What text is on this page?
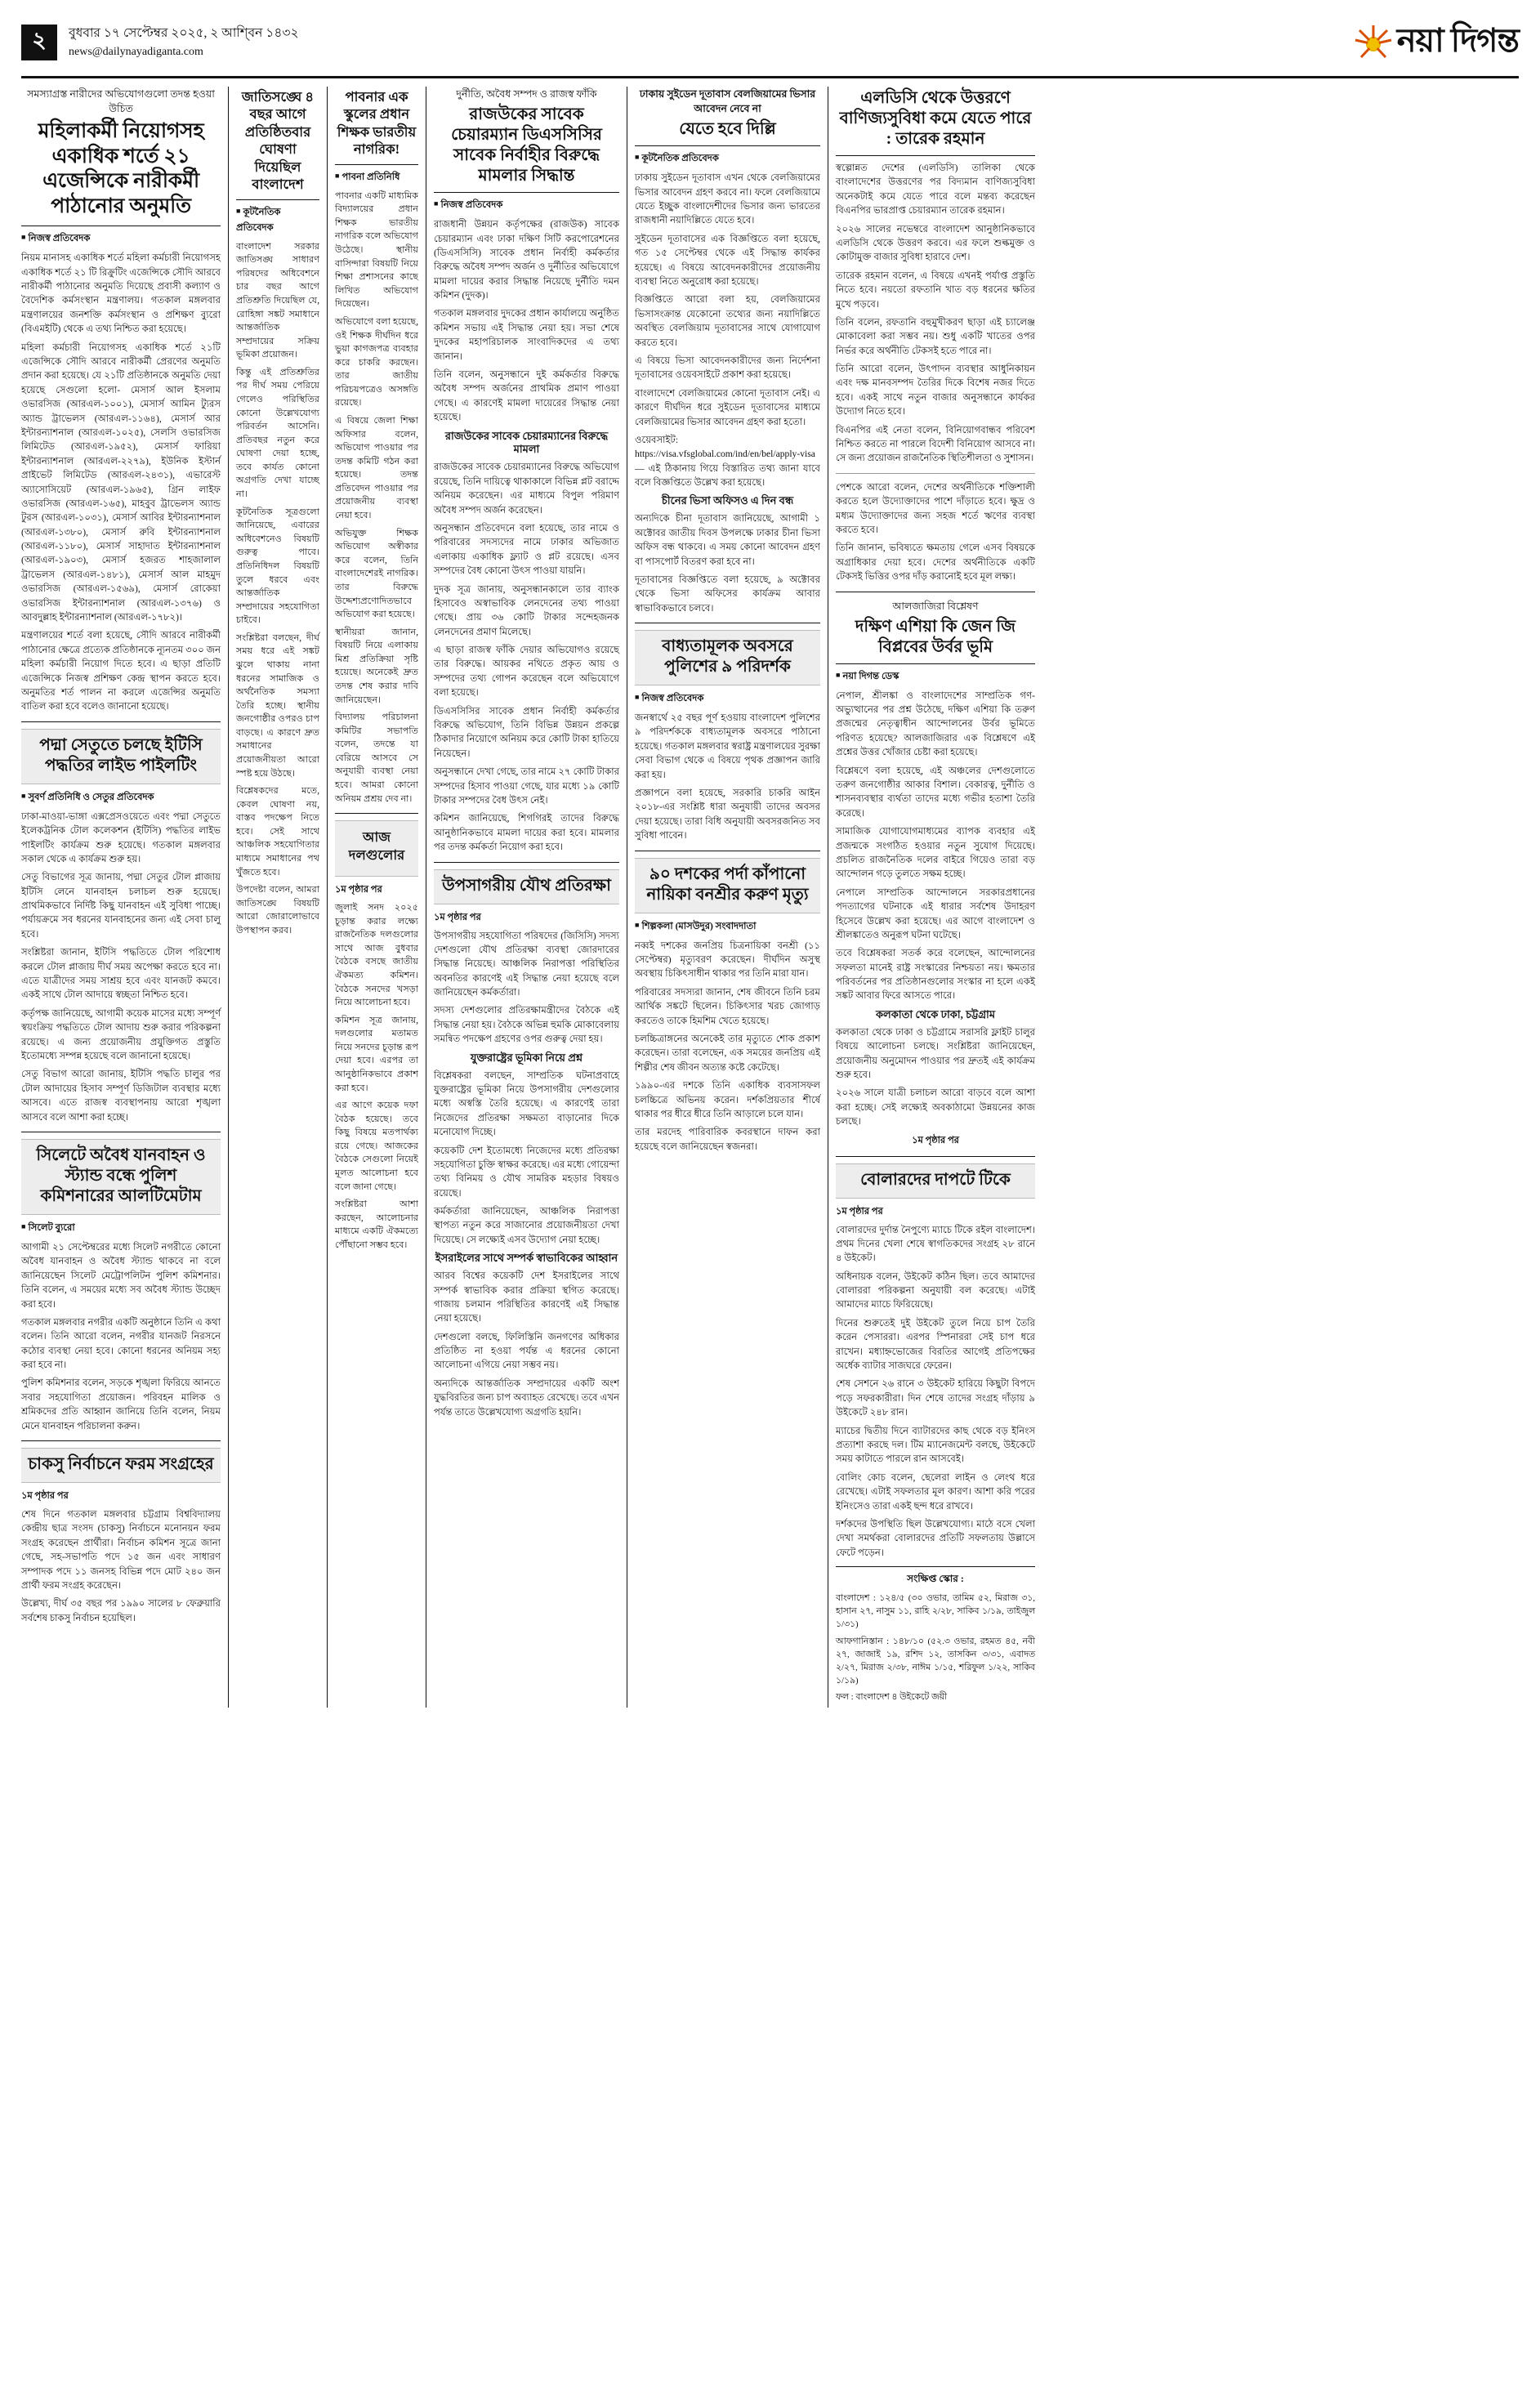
২	বুধবার ১৭ সেপ্টেম্বর ২০২৫, ২ আশি্বন ১৪৩২
news@dailynayadiganta.com	নয়া দিগন্ত
সমস্যাগ্রস্ত নারীদের অভিযোগগুলো তদন্ত হওয়া উচিত
মহিলাকর্মী নিয়োগসহ একাধিক শর্তে ২১ এজেন্সিকে নারীকর্মী পাঠানোর অনুমতি
■ নিজস্ব প্রতিবেদক

নিয়ম মানাসহ একাধিক শর্তে মহিলা কর্মচারী নিয়োগসহ একাধিক শর্তে ২১ টি রিক্রুটিং এজেন্সিকে সৌদি আরবে নারীকর্মী পাঠানোর অনুমতি দিয়েছে প্রবাসী কল্যাণ ও বৈদেশিক কর্মসংস্থান মন্ত্রণালয়। গতকাল মঙ্গলবার মন্ত্রণালয়ের জনশক্তি কর্মসংস্থান ও প্রশিক্ষণ ব্যুরো (বিএমইটি) থেকে এ তথ্য নিশ্চিত করা হয়েছে।

মহিলা কর্মচারী নিয়োগসহ একাধিক শর্তে ২১টি এজেন্সিকে সৌদি আরবে নারীকর্মী প্রেরণের অনুমতি প্রদান করা হয়েছে। যে ২১টি প্রতিষ্ঠানকে অনুমতি দেয়া হয়েছে সেগুলো হলো- মেসার্স আল ইসলাম ওভারসিজ (আরএল-১০০১), মেসার্স আমিন ট্যুরস অ্যান্ড ট্রাভেলস (আরএল-১১৬৪), মেসার্স আর ইন্টারন্যাশনাল (আরএল-১০২৫), সেলসি ওভারসিজ লিমিটেড (আরএল-১৯৫২), মেসার্স ফারিয়া ইন্টারন্যাশনাল (আরএল-২২৭৯), ইউনিক ইস্টার্ন প্রাইভেট লিমিটেড (আরএল-২৪৩১), এভারেস্ট অ্যাসোসিয়েট (আরএল-১৯৬৫), গ্রিন লাইফ ওভারসিজ (আরএল-১৬৫), মাহবুব ট্রাভেলস অ্যান্ড টুরস (আরএল-১০৩১), মেসার্স আবির ইন্টারন্যাশনাল (আরএল-১৩৮০), মেসার্স রুবি ইন্টারন্যাশনাল (আরএল-১১৮০), মেসার্স সাহাদাত ইন্টারন্যাশনাল (আরএল-১৯০৩), মেসার্স হজরত শাহজালাল ট্রাভেলস (আরএল-১৪৮১), মেসার্স আল মাহমুদ ওভারসিজ (আরএল-১৫৬৯), মেসার্স রোকেয়া ওভারসিজ ইন্টারন্যাশনাল (আরএল-১৩৭৬) ও আবদুল্লাহ ইন্টারন্যাশনাল (আরএল-১৭৮২)।

মন্ত্রণালয়ের শর্তে বলা হয়েছে, সৌদি আরবে নারীকর্মী পাঠানোর ক্ষেত্রে প্রত্যেক প্রতিষ্ঠানকে ন্যূনতম ৩০০ জন মহিলা কর্মচারী নিয়োগ দিতে হবে। এ ছাড়া প্রতিটি এজেন্সিকে নিজস্ব প্রশিক্ষণ কেন্দ্র স্থাপন করতে হবে। অনুমতির শর্ত পালন না করলে এজেন্সির অনুমতি বাতিল করা হবে বলেও জানানো হয়েছে।

পদ্মা সেতুতে চলছে ইটিসি পদ্ধতির লাইভ পাইলটিং
■ সুবর্ণ প্রতিনিধি ও সেতুর প্রতিবেদক

ঢাকা-মাওয়া-ভাঙ্গা এক্সপ্রেসওয়েতে এবং পদ্মা সেতুতে ইলেকট্রনিক টোল কলেকশন (ইটিসি) পদ্ধতির লাইভ পাইলটিং কার্যক্রম শুরু হয়েছে। গতকাল মঙ্গলবার সকাল থেকে এ কার্যক্রম শুরু হয়।

সেতু বিভাগের সূত্র জানায়, পদ্মা সেতুর টোল প্লাজায় ইটিসি লেনে যানবাহন চলাচল শুরু হয়েছে। প্রাথমিকভাবে নির্দিষ্ট কিছু যানবাহন এই সুবিধা পাচ্ছে। পর্যায়ক্রমে সব ধরনের যানবাহনের জন্য এই সেবা চালু হবে।

সংশ্লিষ্টরা জানান, ইটিসি পদ্ধতিতে টোল পরিশোধ করলে টোল প্লাজায় দীর্ঘ সময় অপেক্ষা করতে হবে না। এতে যাত্রীদের সময় সাশ্রয় হবে এবং যানজট কমবে। একই সাথে টোল আদায়ে স্বচ্ছতা নিশ্চিত হবে।

কর্তৃপক্ষ জানিয়েছে, আগামী কয়েক মাসের মধ্যে সম্পূর্ণ স্বয়ংক্রিয় পদ্ধতিতে টোল আদায় শুরু করার পরিকল্পনা রয়েছে। এ জন্য প্রয়োজনীয় প্রযুক্তিগত প্রস্তুতি ইতোমধ্যে সম্পন্ন হয়েছে বলে জানানো হয়েছে।

সেতু বিভাগ আরো জানায়, ইটিসি পদ্ধতি চালুর পর টোল আদায়ের হিসাব সম্পূর্ণ ডিজিটাল ব্যবস্থার মধ্যে আসবে। এতে রাজস্ব ব্যবস্থাপনায় আরো শৃঙ্খলা আসবে বলে আশা করা হচ্ছে।

সিলেটে অবৈধ যানবাহন ও স্ট্যান্ড বন্ধে পুলিশ কমিশনারের আলটিমেটাম
■ সিলেট ব্যুরো

আগামী ২১ সেপ্টেম্বরের মধ্যে সিলেট নগরীতে কোনো অবৈধ যানবাহন ও অবৈধ স্ট্যান্ড থাকবে না বলে জানিয়েছেন সিলেট মেট্রোপলিটন পুলিশ কমিশনার। তিনি বলেন, এ সময়ের মধ্যে সব অবৈধ স্ট্যান্ড উচ্ছেদ করা হবে।

গতকাল মঙ্গলবার নগরীর একটি অনুষ্ঠানে তিনি এ কথা বলেন। তিনি আরো বলেন, নগরীর যানজট নিরসনে কঠোর ব্যবস্থা নেয়া হবে। কোনো ধরনের অনিয়ম সহ্য করা হবে না।

পুলিশ কমিশনার বলেন, সড়কে শৃঙ্খলা ফিরিয়ে আনতে সবার সহযোগিতা প্রয়োজন। পরিবহন মালিক ও শ্রমিকদের প্রতি আহ্বান জানিয়ে তিনি বলেন, নিয়ম মেনে যানবাহন পরিচালনা করুন।

চাকসু নির্বাচনে ফরম সংগ্রহের
১ম পৃষ্ঠার পর

শেষ দিনে গতকাল মঙ্গলবার চট্টগ্রাম বিশ্ববিদ্যালয় কেন্দ্রীয় ছাত্র সংসদ (চাকসু) নির্বাচনে মনোনয়ন ফরম সংগ্রহ করেছেন প্রার্থীরা। নির্বাচন কমিশন সূত্রে জানা গেছে, সহ-সভাপতি পদে ১৫ জন এবং সাধারণ সম্পাদক পদে ১১ জনসহ বিভিন্ন পদে মোট ২৪০ জন প্রার্থী ফরম সংগ্রহ করেছেন।

উল্লেখ্য, দীর্ঘ ৩৫ বছর পর ১৯৯০ সালের ৮ ফেব্রুয়ারি সর্বশেষ চাকসু নির্বাচন হয়েছিল।

জাতিসঙ্ঘে ৪ বছর আগে প্রতিষ্ঠিতবার ঘোষণা দিয়েছিল বাংলাদেশ
■ কূটনৈতিক প্রতিবেদক

বাংলাদেশ সরকার জাতিসঙ্ঘ সাধারণ পরিষদের অধিবেশনে চার বছর আগে প্রতিশ্রুতি দিয়েছিল যে, রোহিঙ্গা সঙ্কট সমাধানে আন্তর্জাতিক সম্প্রদায়ের সক্রিয় ভূমিকা প্রয়োজন।

কিন্তু এই প্রতিশ্রুতির পর দীর্ঘ সময় পেরিয়ে গেলেও পরিস্থিতির কোনো উল্লেখযোগ্য পরিবর্তন আসেনি। প্রতিবছর নতুন করে ঘোষণা দেয়া হচ্ছে, তবে কার্যত কোনো অগ্রগতি দেখা যাচ্ছে না।

কূটনৈতিক সূত্রগুলো জানিয়েছে, এবারের অধিবেশনেও বিষয়টি গুরুত্ব পাবে। প্রতিনিধিদল বিষয়টি তুলে ধরবে এবং আন্তর্জাতিক সম্প্রদায়ের সহযোগিতা চাইবে।

সংশ্লিষ্টরা বলছেন, দীর্ঘ সময় ধরে এই সঙ্কট ঝুলে থাকায় নানা ধরনের সামাজিক ও অর্থনৈতিক সমস্যা তৈরি হচ্ছে। স্থানীয় জনগোষ্ঠীর ওপরও চাপ বাড়ছে। এ কারণে দ্রুত সমাধানের প্রয়োজনীয়তা আরো স্পষ্ট হয়ে উঠছে।

বিশ্লেষকদের মতে, কেবল ঘোষণা নয়, বাস্তব পদক্ষেপ নিতে হবে। সেই সাথে আঞ্চলিক সহযোগিতার মাধ্যমে সমাধানের পথ খুঁজতে হবে।

উপদেষ্টা বলেন, আমরা জাতিসঙ্ঘে বিষয়টি আরো জোরালোভাবে উপস্থাপন করব।

পাবনার এক স্কুলের প্রধান শিক্ষক ভারতীয় নাগরিক!
■ পাবনা প্রতিনিধি

পাবনার একটি মাধ্যমিক বিদ্যালয়ের প্রধান শিক্ষক ভারতীয় নাগরিক বলে অভিযোগ উঠেছে। স্থানীয় বাসিন্দারা বিষয়টি নিয়ে শিক্ষা প্রশাসনের কাছে লিখিত অভিযোগ দিয়েছেন।

অভিযোগে বলা হয়েছে, ওই শিক্ষক দীর্ঘদিন ধরে ভুয়া কাগজপত্র ব্যবহার করে চাকরি করছেন। তার জাতীয় পরিচয়পত্রেও অসঙ্গতি রয়েছে।

এ বিষয়ে জেলা শিক্ষা অফিসার বলেন, অভিযোগ পাওয়ার পর তদন্ত কমিটি গঠন করা হয়েছে। তদন্ত প্রতিবেদন পাওয়ার পর প্রয়োজনীয় ব্যবস্থা নেয়া হবে।

অভিযুক্ত শিক্ষক অভিযোগ অস্বীকার করে বলেন, তিনি বাংলাদেশেরই নাগরিক। তার বিরুদ্ধে উদ্দেশ্যপ্রণোদিতভাবে অভিযোগ করা হয়েছে।

স্থানীয়রা জানান, বিষয়টি নিয়ে এলাকায় মিশ্র প্রতিক্রিয়া সৃষ্টি হয়েছে। অনেকেই দ্রুত তদন্ত শেষ করার দাবি জানিয়েছেন।

বিদ্যালয় পরিচালনা কমিটির সভাপতি বলেন, তদন্তে যা বেরিয়ে আসবে সে অনুযায়ী ব্যবস্থা নেয়া হবে। আমরা কোনো অনিয়ম প্রশ্রয় দেব না।

আজ দলগুলোর
১ম পৃষ্ঠার পর

জুলাই সনদ ২০২৫ চূড়ান্ত করার লক্ষ্যে রাজনৈতিক দলগুলোর সাথে আজ বুধবার বৈঠকে বসছে জাতীয় ঐকমত্য কমিশন। বৈঠকে সনদের খসড়া নিয়ে আলোচনা হবে।

কমিশন সূত্র জানায়, দলগুলোর মতামত নিয়ে সনদের চূড়ান্ত রূপ দেয়া হবে। এরপর তা আনুষ্ঠানিকভাবে প্রকাশ করা হবে।

এর আগে কয়েক দফা বৈঠক হয়েছে। তবে কিছু বিষয়ে মতপার্থক্য রয়ে গেছে। আজকের বৈঠকে সেগুলো নিয়েই মূলত আলোচনা হবে বলে জানা গেছে।

সংশ্লিষ্টরা আশা করছেন, আলোচনার মাধ্যমে একটি ঐকমত্যে পৌঁছানো সম্ভব হবে।

দুর্নীতি, অবৈধ সম্পদ ও রাজস্ব ফাঁকি
রাজউকের সাবেক চেয়ারম্যান ডিএসসিসির সাবেক নির্বাহীর বিরুদ্ধে মামলার সিদ্ধান্ত
■ নিজস্ব প্রতিবেদক

রাজধানী উন্নয়ন কর্তৃপক্ষের (রাজউক) সাবেক চেয়ারম্যান এবং ঢাকা দক্ষিণ সিটি করপোরেশনের (ডিএসসিসি) সাবেক প্রধান নির্বাহী কর্মকর্তার বিরুদ্ধে অবৈধ সম্পদ অর্জন ও দুর্নীতির অভিযোগে মামলা দায়ের করার সিদ্ধান্ত নিয়েছে দুর্নীতি দমন কমিশন (দুদক)।

গতকাল মঙ্গলবার দুদকের প্রধান কার্যালয়ে অনুষ্ঠিত কমিশন সভায় এই সিদ্ধান্ত নেয়া হয়। সভা শেষে দুদকের মহাপরিচালক সাংবাদিকদের এ তথ্য জানান।

তিনি বলেন, অনুসন্ধানে দুই কর্মকর্তার বিরুদ্ধে অবৈধ সম্পদ অর্জনের প্রাথমিক প্রমাণ পাওয়া গেছে। এ কারণেই মামলা দায়েরের সিদ্ধান্ত নেয়া হয়েছে।

রাজউকের সাবেক চেয়ারম্যানের বিরুদ্ধে মামলা

রাজউকের সাবেক চেয়ারম্যানের বিরুদ্ধে অভিযোগ রয়েছে, তিনি দায়িত্বে থাকাকালে বিভিন্ন প্লট বরাদ্দে অনিয়ম করেছেন। এর মাধ্যমে বিপুল পরিমাণ অবৈধ সম্পদ অর্জন করেছেন।

অনুসন্ধান প্রতিবেদনে বলা হয়েছে, তার নামে ও পরিবারের সদস্যদের নামে ঢাকার অভিজাত এলাকায় একাধিক ফ্ল্যাট ও প্লট রয়েছে। এসব সম্পদের বৈধ কোনো উৎস পাওয়া যায়নি।

দুদক সূত্র জানায়, অনুসন্ধানকালে তার ব্যাংক হিসাবেও অস্বাভাবিক লেনদেনের তথ্য পাওয়া গেছে। প্রায় ৩৬ কোটি টাকার সন্দেহজনক লেনদেনের প্রমাণ মিলেছে।

এ ছাড়া রাজস্ব ফাঁকি দেয়ার অভিযোগও রয়েছে তার বিরুদ্ধে। আয়কর নথিতে প্রকৃত আয় ও সম্পদের তথ্য গোপন করেছেন বলে অভিযোগে বলা হয়েছে।

ডিএসসিসির সাবেক প্রধান নির্বাহী কর্মকর্তার বিরুদ্ধে অভিযোগ, তিনি বিভিন্ন উন্নয়ন প্রকল্পে ঠিকাদার নিয়োগে অনিয়ম করে কোটি টাকা হাতিয়ে নিয়েছেন।

অনুসন্ধানে দেখা গেছে, তার নামে ২৭ কোটি টাকার সম্পদের হিসাব পাওয়া গেছে, যার মধ্যে ১৯ কোটি টাকার সম্পদের বৈধ উৎস নেই।

কমিশন জানিয়েছে, শিগগিরই তাদের বিরুদ্ধে আনুষ্ঠানিকভাবে মামলা দায়ের করা হবে। মামলার পর তদন্ত কর্মকর্তা নিয়োগ করা হবে।

উপসাগরীয় যৌথ প্রতিরক্ষা
১ম পৃষ্ঠার পর

উপসাগরীয় সহযোগিতা পরিষদের (জিসিসি) সদস্য দেশগুলো যৌথ প্রতিরক্ষা ব্যবস্থা জোরদারের সিদ্ধান্ত নিয়েছে। আঞ্চলিক নিরাপত্তা পরিস্থিতির অবনতির কারণেই এই সিদ্ধান্ত নেয়া হয়েছে বলে জানিয়েছেন কর্মকর্তারা।

সদস্য দেশগুলোর প্রতিরক্ষামন্ত্রীদের বৈঠকে এই সিদ্ধান্ত নেয়া হয়। বৈঠকে অভিন্ন হুমকি মোকাবেলায় সমন্বিত পদক্ষেপ গ্রহণের ওপর গুরুত্ব দেয়া হয়।

যুক্তরাষ্ট্রের ভূমিকা নিয়ে প্রশ্ন

বিশ্লেষকরা বলছেন, সাম্প্রতিক ঘটনাপ্রবাহে যুক্তরাষ্ট্রের ভূমিকা নিয়ে উপসাগরীয় দেশগুলোর মধ্যে অস্বস্তি তৈরি হয়েছে। এ কারণেই তারা নিজেদের প্রতিরক্ষা সক্ষমতা বাড়ানোর দিকে মনোযোগ দিচ্ছে।

কয়েকটি দেশ ইতোমধ্যে নিজেদের মধ্যে প্রতিরক্ষা সহযোগিতা চুক্তি স্বাক্ষর করেছে। এর মধ্যে গোয়েন্দা তথ্য বিনিময় ও যৌথ সামরিক মহড়ার বিষয়ও রয়েছে।

কর্মকর্তারা জানিয়েছেন, আঞ্চলিক নিরাপত্তা স্থাপত্য নতুন করে সাজানোর প্রয়োজনীয়তা দেখা দিয়েছে। সে লক্ষ্যেই এসব উদ্যোগ নেয়া হচ্ছে।

ইসরাইলের সাথে সম্পর্ক স্বাভাবিকের আহ্বান

আরব বিশ্বের কয়েকটি দেশ ইসরাইলের সাথে সম্পর্ক স্বাভাবিক করার প্রক্রিয়া স্থগিত করেছে। গাজায় চলমান পরিস্থিতির কারণেই এই সিদ্ধান্ত নেয়া হয়েছে।

দেশগুলো বলছে, ফিলিস্তিনি জনগণের অধিকার প্রতিষ্ঠিত না হওয়া পর্যন্ত এ ধরনের কোনো আলোচনা এগিয়ে নেয়া সম্ভব নয়।

অন্যদিকে আন্তর্জাতিক সম্প্রদায়ের একটি অংশ যুদ্ধবিরতির জন্য চাপ অব্যাহত রেখেছে। তবে এখন পর্যন্ত তাতে উল্লেখযোগ্য অগ্রগতি হয়নি।

ঢাকায় সুইডেন দূতাবাস বেলজিয়ামের ভিসার আবেদন নেবে না
যেতে হবে দিল্লি
■ কূটনৈতিক প্রতিবেদক

ঢাকায় সুইডেন দূতাবাস এখন থেকে বেলজিয়ামের ভিসার আবেদন গ্রহণ করবে না। ফলে বেলজিয়ামে যেতে ইচ্ছুক বাংলাদেশীদের ভিসার জন্য ভারতের রাজধানী নয়াদিল্লিতে যেতে হবে।

সুইডেন দূতাবাসের এক বিজ্ঞপ্তিতে বলা হয়েছে, গত ১৫ সেপ্টেম্বর থেকে এই সিদ্ধান্ত কার্যকর হয়েছে। এ বিষয়ে আবেদনকারীদের প্রয়োজনীয় ব্যবস্থা নিতে অনুরোধ করা হয়েছে।

বিজ্ঞপ্তিতে আরো বলা হয়, বেলজিয়ামের ভিসাসংক্রান্ত যেকোনো তথ্যের জন্য নয়াদিল্লিতে অবস্থিত বেলজিয়াম দূতাবাসের সাথে যোগাযোগ করতে হবে।

এ বিষয়ে ভিসা আবেদনকারীদের জন্য নির্দেশনা দূতাবাসের ওয়েবসাইটে প্রকাশ করা হয়েছে।

বাংলাদেশে বেলজিয়ামের কোনো দূতাবাস নেই। এ কারণে দীর্ঘদিন ধরে সুইডেন দূতাবাসের মাধ্যমে বেলজিয়ামের ভিসার আবেদন গ্রহণ করা হতো।

ওয়েবসাইট: https://visa.vfsglobal.com/ind/en/bel/apply-visa — এই ঠিকানায় গিয়ে বিস্তারিত তথ্য জানা যাবে বলে বিজ্ঞপ্তিতে উল্লেখ করা হয়েছে।

চীনের ভিসা অফিসও এ দিন বন্ধ

অন্যদিকে চীনা দূতাবাস জানিয়েছে, আগামী ১ অক্টোবর জাতীয় দিবস উপলক্ষে ঢাকার চীনা ভিসা অফিস বন্ধ থাকবে। এ সময় কোনো আবেদন গ্রহণ বা পাসপোর্ট বিতরণ করা হবে না।

দূতাবাসের বিজ্ঞপ্তিতে বলা হয়েছে, ৯ অক্টোবর থেকে ভিসা অফিসের কার্যক্রম আবার স্বাভাবিকভাবে চলবে।

বাধ্যতামূলক অবসরে পুলিশের ৯ পরিদর্শক
■ নিজস্ব প্রতিবেদক

জনস্বার্থে ২৫ বছর পূর্ণ হওয়ায় বাংলাদেশ পুলিশের ৯ পরিদর্শককে বাধ্যতামূলক অবসরে পাঠানো হয়েছে। গতকাল মঙ্গলবার স্বরাষ্ট্র মন্ত্রণালয়ের সুরক্ষা সেবা বিভাগ থেকে এ বিষয়ে পৃথক প্রজ্ঞাপন জারি করা হয়।

প্রজ্ঞাপনে বলা হয়েছে, সরকারি চাকরি আইন ২০১৮-এর সংশ্লিষ্ট ধারা অনুযায়ী তাদের অবসর দেয়া হয়েছে। তারা বিধি অনুযায়ী অবসরজনিত সব সুবিধা পাবেন।

৯০ দশকের পর্দা কাঁপানো নায়িকা বনশ্রীর করুণ মৃত্যু
■ শিল্পকলা (মাসউদুর) সংবাদদাতা

নব্বই দশকের জনপ্রিয় চিত্রনায়িকা বনশ্রী (১১ সেপ্টেম্বর) মৃত্যুবরণ করেছেন। দীর্ঘদিন অসুস্থ অবস্থায় চিকিৎসাধীন থাকার পর তিনি মারা যান।

পরিবারের সদস্যরা জানান, শেষ জীবনে তিনি চরম আর্থিক সঙ্কটে ছিলেন। চিকিৎসার খরচ জোগাড় করতেও তাকে হিমশিম খেতে হয়েছে।

চলচ্চিত্রাঙ্গনের অনেকেই তার মৃত্যুতে শোক প্রকাশ করেছেন। তারা বলেছেন, এক সময়ের জনপ্রিয় এই শিল্পীর শেষ জীবন অত্যন্ত কষ্টে কেটেছে।

১৯৯০-এর দশকে তিনি একাধিক ব্যবসাসফল চলচ্চিত্রে অভিনয় করেন। দর্শকপ্রিয়তার শীর্ষে থাকার পর ধীরে ধীরে তিনি আড়ালে চলে যান।

তার মরদেহ পারিবারিক কবরস্থানে দাফন করা হয়েছে বলে জানিয়েছেন স্বজনরা।

এলডিসি থেকে উত্তরণে বাণিজ্যসুবিধা কমে যেতে পারে : তারেক রহমান

স্বল্পোন্নত দেশের (এলডিসি) তালিকা থেকে বাংলাদেশের উত্তরণের পর বিদ্যমান বাণিজ্যসুবিধা অনেকটাই কমে যেতে পারে বলে মন্তব্য করেছেন বিএনপির ভারপ্রাপ্ত চেয়ারম্যান তারেক রহমান।

২০২৬ সালের নভেম্বরে বাংলাদেশ আনুষ্ঠানিকভাবে এলডিসি থেকে উত্তরণ করবে। এর ফলে শুল্কমুক্ত ও কোটামুক্ত বাজার সুবিধা হারাবে দেশ।

তারেক রহমান বলেন, এ বিষয়ে এখনই পর্যাপ্ত প্রস্তুতি নিতে হবে। নয়তো রফতানি খাত বড় ধরনের ক্ষতির মুখে পড়বে।

তিনি বলেন, রফতানি বহুমুখীকরণ ছাড়া এই চ্যালেঞ্জ মোকাবেলা করা সম্ভব নয়। শুধু একটি খাতের ওপর নির্ভর করে অর্থনীতি টেকসই হতে পারে না।

তিনি আরো বলেন, উৎপাদন ব্যবস্থার আধুনিকায়ন এবং দক্ষ মানবসম্পদ তৈরির দিকে বিশেষ নজর দিতে হবে। একই সাথে নতুন বাজার অনুসন্ধানে কার্যকর উদ্যোগ নিতে হবে।

বিএনপির এই নেতা বলেন, বিনিয়োগবান্ধব পরিবেশ নিশ্চিত করতে না পারলে বিদেশী বিনিয়োগ আসবে না। সে জন্য প্রয়োজন রাজনৈতিক স্থিতিশীলতা ও সুশাসন।

পেশকে আরো বলেন, দেশের অর্থনীতিকে শক্তিশালী করতে হলে উদ্যোক্তাদের পাশে দাঁড়াতে হবে। ক্ষুদ্র ও মধ্যম উদ্যোক্তাদের জন্য সহজ শর্তে ঋণের ব্যবস্থা করতে হবে।

তিনি জানান, ভবিষ্যতে ক্ষমতায় গেলে এসব বিষয়কে অগ্রাধিকার দেয়া হবে। দেশের অর্থনীতিকে একটি টেকসই ভিত্তির ওপর দাঁড় করানোই হবে মূল লক্ষ্য।

আলজাজিরা বিশ্লেষণ
দক্ষিণ এশিয়া কি জেন জি বিপ্লবের উর্বর ভূমি
■ নয়া দিগন্ত ডেস্ক

নেপাল, শ্রীলঙ্কা ও বাংলাদেশের সাম্প্রতিক গণ-অভ্যুত্থানের পর প্রশ্ন উঠেছে, দক্ষিণ এশিয়া কি তরুণ প্রজন্মের নেতৃত্বাধীন আন্দোলনের উর্বর ভূমিতে পরিণত হয়েছে? আলজাজিরার এক বিশ্লেষণে এই প্রশ্নের উত্তর খোঁজার চেষ্টা করা হয়েছে।

বিশ্লেষণে বলা হয়েছে, এই অঞ্চলের দেশগুলোতে তরুণ জনগোষ্ঠীর আকার বিশাল। বেকারত্ব, দুর্নীতি ও শাসনব্যবস্থার ব্যর্থতা তাদের মধ্যে গভীর হতাশা তৈরি করেছে।

সামাজিক যোগাযোগমাধ্যমের ব্যাপক ব্যবহার এই প্রজন্মকে সংগঠিত হওয়ার নতুন সুযোগ দিয়েছে। প্রচলিত রাজনৈতিক দলের বাইরে গিয়েও তারা বড় আন্দোলন গড়ে তুলতে সক্ষম হচ্ছে।

নেপালে সাম্প্রতিক আন্দোলনে সরকারপ্রধানের পদত্যাগের ঘটনাকে এই ধারার সর্বশেষ উদাহরণ হিসেবে উল্লেখ করা হয়েছে। এর আগে বাংলাদেশ ও শ্রীলঙ্কাতেও অনুরূপ ঘটনা ঘটেছে।

তবে বিশ্লেষকরা সতর্ক করে বলেছেন, আন্দোলনের সফলতা মানেই রাষ্ট্র সংস্কারের নিশ্চয়তা নয়। ক্ষমতার পরিবর্তনের পর প্রতিষ্ঠানগুলোর সংস্কার না হলে একই সঙ্কট আবার ফিরে আসতে পারে।

কলকাতা থেকে ঢাকা, চট্টগ্রাম

কলকাতা থেকে ঢাকা ও চট্টগ্রামে সরাসরি ফ্লাইট চালুর বিষয়ে আলোচনা চলছে। সংশ্লিষ্টরা জানিয়েছেন, প্রয়োজনীয় অনুমোদন পাওয়ার পর দ্রুতই এই কার্যক্রম শুরু হবে।

২০২৬ সালে যাত্রী চলাচল আরো বাড়বে বলে আশা করা হচ্ছে। সেই লক্ষ্যেই অবকাঠামো উন্নয়নের কাজ চলছে।

১ম পৃষ্ঠার পর
বোলারদের দাপটে টিকে
১ম পৃষ্ঠার পর

বোলারদের দুর্দান্ত নৈপুণ্যে ম্যাচে টিকে রইল বাংলাদেশ। প্রথম দিনের খেলা শেষে স্বাগতিকদের সংগ্রহ ২৮ রানে ৪ উইকেট।

অধিনায়ক বলেন, উইকেট কঠিন ছিল। তবে আমাদের বোলাররা পরিকল্পনা অনুযায়ী বল করেছে। এটাই আমাদের ম্যাচে ফিরিয়েছে।

দিনের শুরুতেই দুই উইকেট তুলে নিয়ে চাপ তৈরি করেন পেসাররা। এরপর স্পিনাররা সেই চাপ ধরে রাখেন। মধ্যাহ্নভোজের বিরতির আগেই প্রতিপক্ষের অর্ধেক ব্যাটার সাজঘরে ফেরেন।

শেষ সেশনে ২৬ রানে ৩ উইকেট হারিয়ে কিছুটা বিপদে পড়ে সফরকারীরা। দিন শেষে তাদের সংগ্রহ দাঁড়ায় ৯ উইকেটে ২৪৮ রান।

ম্যাচের দ্বিতীয় দিনে ব্যাটারদের কাছ থেকে বড় ইনিংস প্রত্যাশা করছে দল। টিম ম্যানেজমেন্ট বলছে, উইকেটে সময় কাটাতে পারলে রান আসবেই।

বোলিং কোচ বলেন, ছেলেরা লাইন ও লেংথ ধরে রেখেছে। এটাই সফলতার মূল কারণ। আশা করি পরের ইনিংসেও তারা একই ছন্দ ধরে রাখবে।

দর্শকদের উপস্থিতি ছিল উল্লেখযোগ্য। মাঠে বসে খেলা দেখা সমর্থকরা বোলারদের প্রতিটি সফলতায় উল্লাসে ফেটে পড়েন।

সংক্ষিপ্ত স্কোর :

বাংলাদেশ : ১২৪/৫ (৩০ ওভার, তামিম ৫২, মিরাজ ৩১, হাসান ২৭, নাসুম ১১, রাহি ২/২৮, সাকিব ১/১৯, তাইজুল ১/৩১)

আফগানিস্তান : ১৪৮/১০ (৫২.৩ ওভার, রহমত ৪৫, নবী ২৭, জাজাই ১৯, রশিদ ১২, তাসকিন ৩/৩১, এবাদত ২/২৭, মিরাজ ২/৩৮, নাঈম ১/১৫, শরিফুল ১/২২, সাকিব ১/১৯)

ফল : বাংলাদেশ ৪ উইকেটে জয়ী
